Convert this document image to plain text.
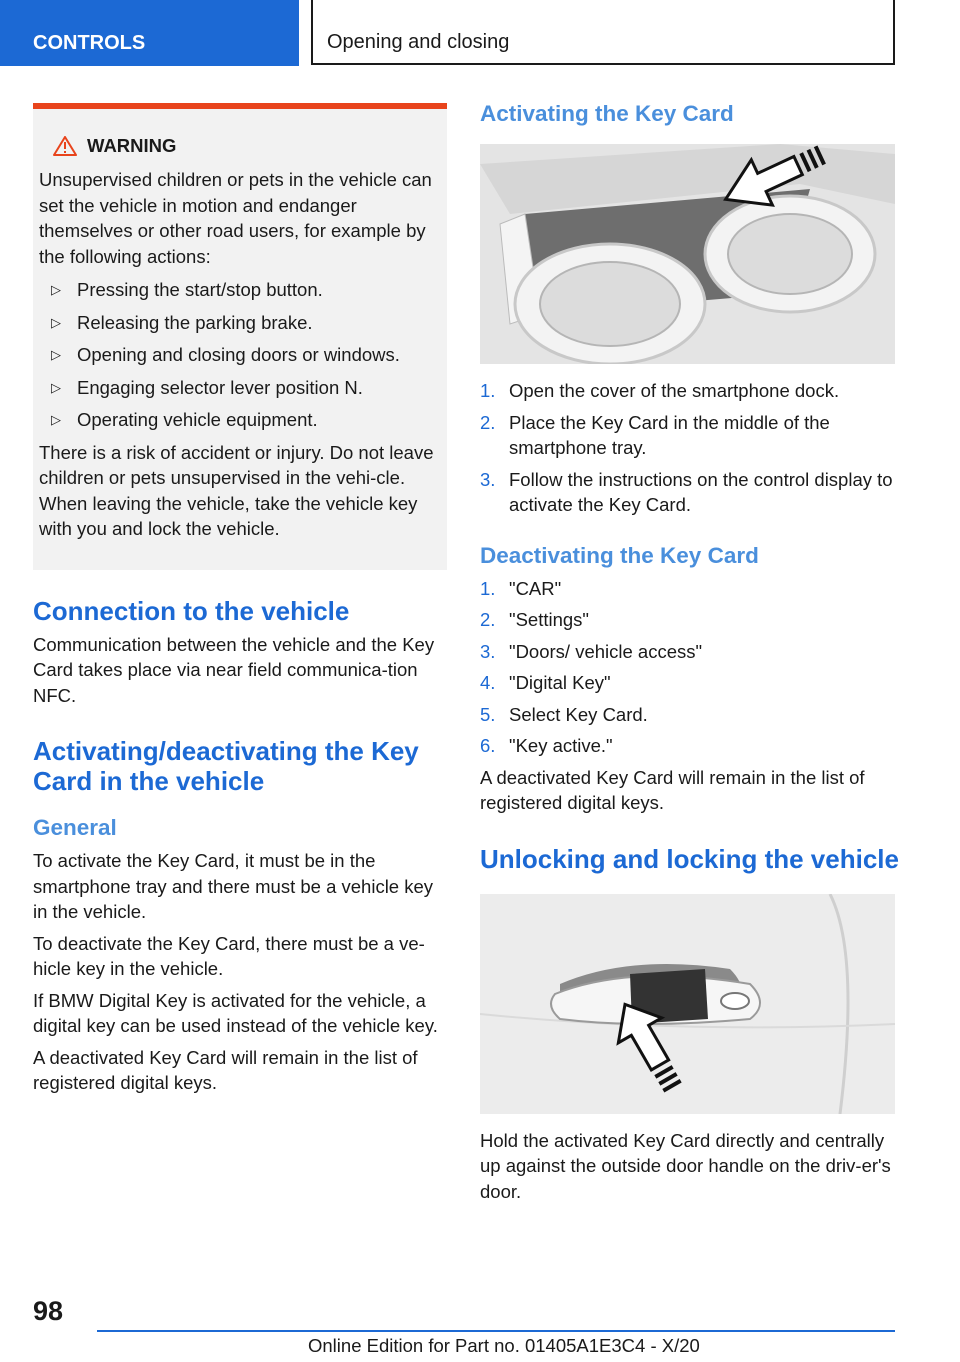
CONTROLS	Opening and closing
WARNING

Unsupervised children or pets in the vehicle can set the vehicle in motion and endanger themselves or other road users, for example by the following actions:

▷ Pressing the start/stop button.
▷ Releasing the parking brake.
▷ Opening and closing doors or windows.
▷ Engaging selector lever position N.
▷ Operating vehicle equipment.

There is a risk of accident or injury. Do not leave children or pets unsupervised in the vehi‐cle. When leaving the vehicle, take the vehicle key with you and lock the vehicle.

Connection to the vehicle

Communication between the vehicle and the Key Card takes place via near field communica‐tion NFC.

Activating/deactivating the Key Card in the vehicle
General

To activate the Key Card, it must be in the smartphone tray and there must be a vehicle key in the vehicle.

To deactivate the Key Card, there must be a ve‐hicle key in the vehicle.

If BMW Digital Key is activated for the vehicle, a digital key can be used instead of the vehicle key.

A deactivated Key Card will remain in the list of registered digital keys.

Activating the Key Card
1. Open the cover of the smartphone dock.
2. Place the Key Card in the middle of the smartphone tray.
3. Follow the instructions on the control display to activate the Key Card.
Deactivating the Key Card
1. "CAR"
2. "Settings"
3. "Doors/ vehicle access"
4. "Digital Key"
5. Select Key Card.
6. "Key active."

A deactivated Key Card will remain in the list of registered digital keys.

Unlocking and locking the vehicle

Hold the activated Key Card directly and centrally up against the outside door handle on the driv‐er's door.

98
Online Edition for Part no. 01405A1E3C4 - X/20
